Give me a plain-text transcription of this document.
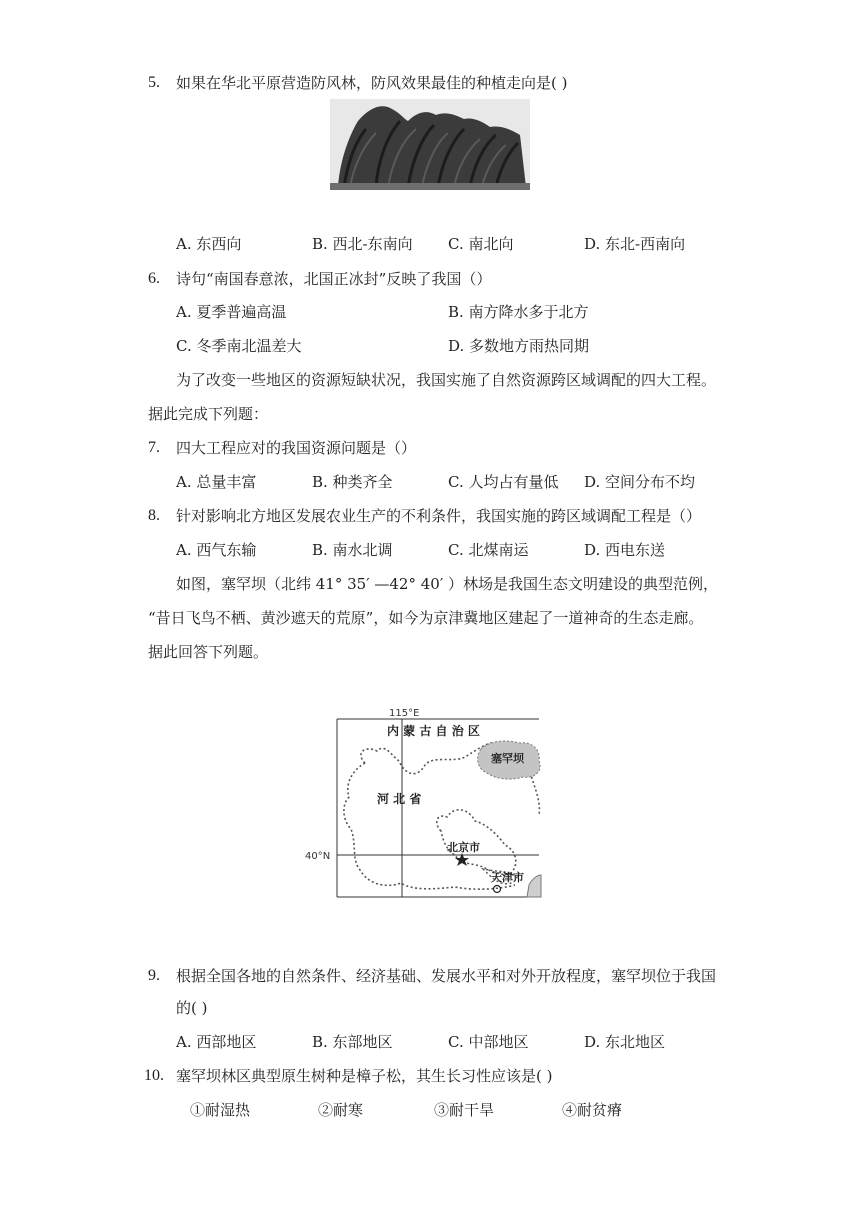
5. 如果在华北平原营造防风林，防风效果最佳的种植走向是( )
A. 东西向	B. 西北-东南向 C. 南北向	D. 东北-西南向
6. 诗句“南国春意浓，北国正冰封”反映了我国（）
A. 夏季普遍高温	B. 南方降水多于北方
C. 冬季南北温差大	D. 多数地方雨热同期
为了改变一些地区的资源短缺状况，我国实施了自然资源跨区域调配的四大工程。
据此完成下列题：
7. 四大工程应对的我国资源问题是（）
A. 总量丰富	B. 种类齐全	C. 人均占有量低 D. 空间分布不均
8. 针对影响北方地区发展农业生产的不利条件，我国实施的跨区域调配工程是（）
A. 西气东输	B. 南水北调	C. 北煤南运	D. 西电东送
如图，塞罕坝（北纬 41° 35′ —42° 40′ ）林场是我国生态文明建设的典型范例，
“昔日飞鸟不栖、黄沙遮天的荒原”，如今为京津冀地区建起了一道神奇的生态走廊。
据此回答下列题。
115°E
40°N
内 蒙 古 自 治 区
塞罕坝
河 北 省
北京市
天津市
9. 根据全国各地的自然条件、经济基础、发展水平和对外开放程度，塞罕坝位于我国
的( )
A. 西部地区	B. 东部地区	C. 中部地区	D. 东北地区
10. 塞罕坝林区典型原生树种是樟子松，其生长习性应该是( )
①耐湿热	②耐寒	③耐干旱	④耐贫瘠
